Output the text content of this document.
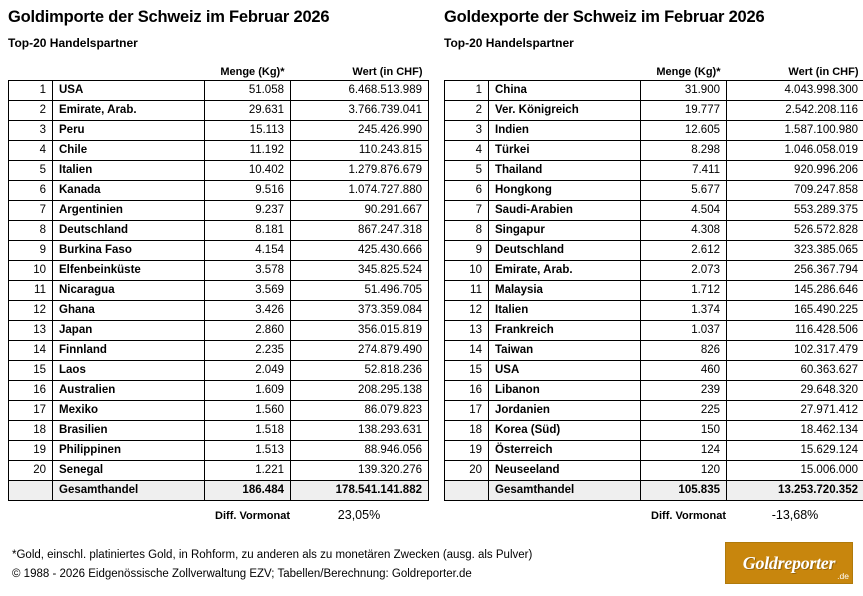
Goldimporte der Schweiz im Februar 2026
Top-20 Handelspartner
		Menge (Kg)*	Wert (in CHF)
1	USA	51.058	6.468.513.989
2	Emirate, Arab.	29.631	3.766.739.041
3	Peru	15.113	245.426.990
4	Chile	11.192	110.243.815
5	Italien	10.402	1.279.876.679
6	Kanada	9.516	1.074.727.880
7	Argentinien	9.237	90.291.667
8	Deutschland	8.181	867.247.318
9	Burkina Faso	4.154	425.430.666
10	Elfenbeinküste	3.578	345.825.524
11	Nicaragua	3.569	51.496.705
12	Ghana	3.426	373.359.084
13	Japan	2.860	356.015.819
14	Finnland	2.235	274.879.490
15	Laos	2.049	52.818.236
16	Australien	1.609	208.295.138
17	Mexiko	1.560	86.079.823
18	Brasilien	1.518	138.293.631
19	Philippinen	1.513	88.946.056
20	Senegal	1.221	139.320.276
	Gesamthandel	186.484	178.541.141.882
Diff. Vormonat	23,05%
Goldexporte der Schweiz im Februar 2026
Top-20 Handelspartner
		Menge (Kg)*	Wert (in CHF)
1	China	31.900	4.043.998.300
2	Ver. Königreich	19.777	2.542.208.116
3	Indien	12.605	1.587.100.980
4	Türkei	8.298	1.046.058.019
5	Thailand	7.411	920.996.206
6	Hongkong	5.677	709.247.858
7	Saudi-Arabien	4.504	553.289.375
8	Singapur	4.308	526.572.828
9	Deutschland	2.612	323.385.065
10	Emirate, Arab.	2.073	256.367.794
11	Malaysia	1.712	145.286.646
12	Italien	1.374	165.490.225
13	Frankreich	1.037	116.428.506
14	Taiwan	826	102.317.479
15	USA	460	60.363.627
16	Libanon	239	29.648.320
17	Jordanien	225	27.971.412
18	Korea (Süd)	150	18.462.134
19	Österreich	124	15.629.124
20	Neuseeland	120	15.006.000
	Gesamthandel	105.835	13.253.720.352
Diff. Vormonat	-13,68%
*Gold, einschl. platiniertes Gold, in Rohform, zu anderen als zu monetären Zwecken (ausg. als Pulver)
© 1988 - 2026 Eidgenössische Zollverwaltung EZV; Tabellen/Berechnung: Goldreporter.de
Goldreporter
.de
